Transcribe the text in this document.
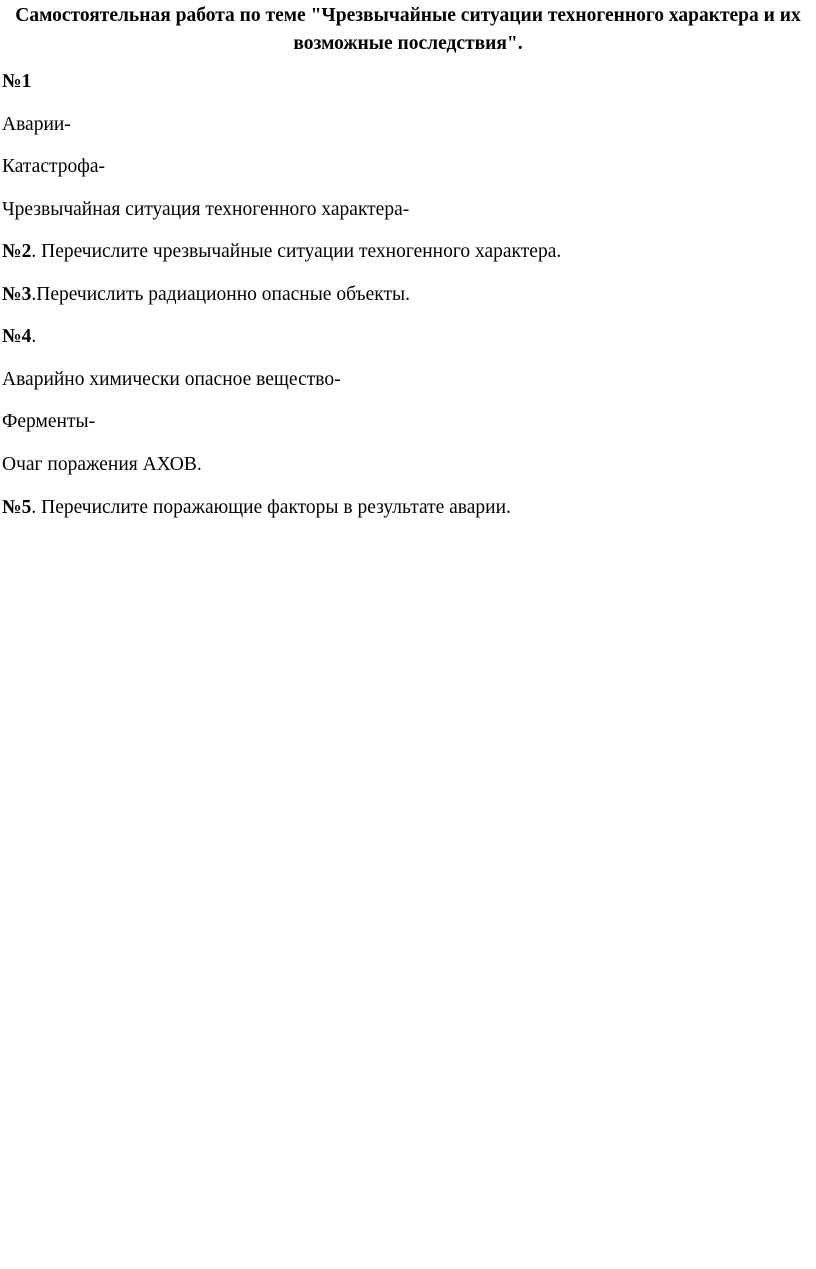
Самостоятельная работа по теме "Чрезвычайные ситуации техногенного характера и их возможные последствия".
№1
Аварии-
Катастрофа-
Чрезвычайная ситуация техногенного характера-
№2. Перечислите чрезвычайные ситуации техногенного характера.
№3.Перечислить радиационно опасные объекты.
№4.
Аварийно химически опасное вещество-
Ферменты-
Очаг поражения АХОВ.
№5. Перечислите поражающие факторы в результате аварии.
